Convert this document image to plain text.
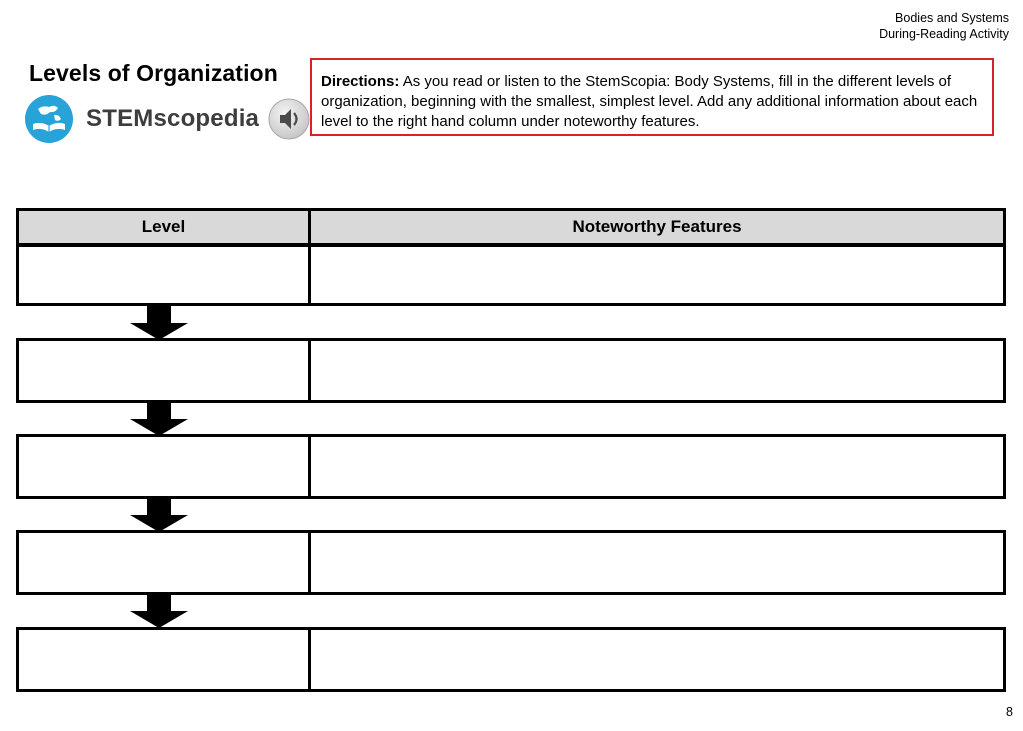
Bodies and Systems
During-Reading Activity
Levels of Organization
STEMscopedia
Directions: As you read or listen to the StemScopia: Body Systems, fill in the different levels of organization, beginning with the smallest, simplest level. Add any additional information about each level to the right hand column under noteworthy features.
Level	Noteworthy Features
8
